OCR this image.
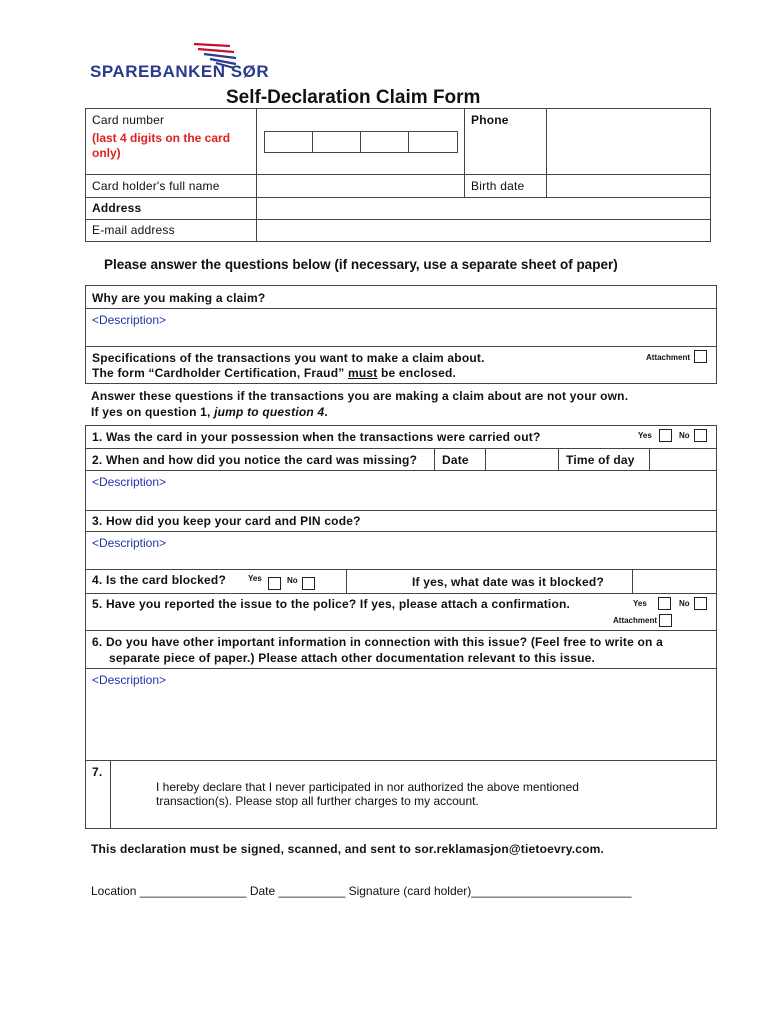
SPAREBANKEN SØR
Self-Declaration Claim Form
Card number
(last 4 digits on the card only)
Phone
Card holder's full name	Birth date
Address
E-mail address
Please answer the questions below (if necessary, use a separate sheet of paper)
Why are you making a claim?
<Description>
Specifications of the transactions you want to make a claim about.
The form “Cardholder Certification, Fraud” must be enclosed.
Attachment
Answer these questions if the transactions you are making a claim about are not your own.
If yes on question 1, jump to question 4.
1. Was the card in your possession when the transactions were carried out?	Yes	No
2. When and how did you notice the card was missing? Date	Time of day
<Description>
3. How did you keep your card and PIN code?
<Description>
4. Is the card blocked?	Yes	No	If yes, what date was it blocked?
5. Have you reported the issue to the police? If yes, please attach a confirmation.	Yes	No
Attachment
6. Do you have other important information in connection with this issue? (Feel free to write on a
separate piece of paper.) Please attach other documentation relevant to this issue.
<Description>
7.
I hereby declare that I never participated in nor authorized the above mentioned
transaction(s). Please stop all further charges to my account.
This declaration must be signed, scanned, and sent to sor.reklamasjon@tietoevry.com.
Location ________________ Date __________ Signature (card holder)________________________
